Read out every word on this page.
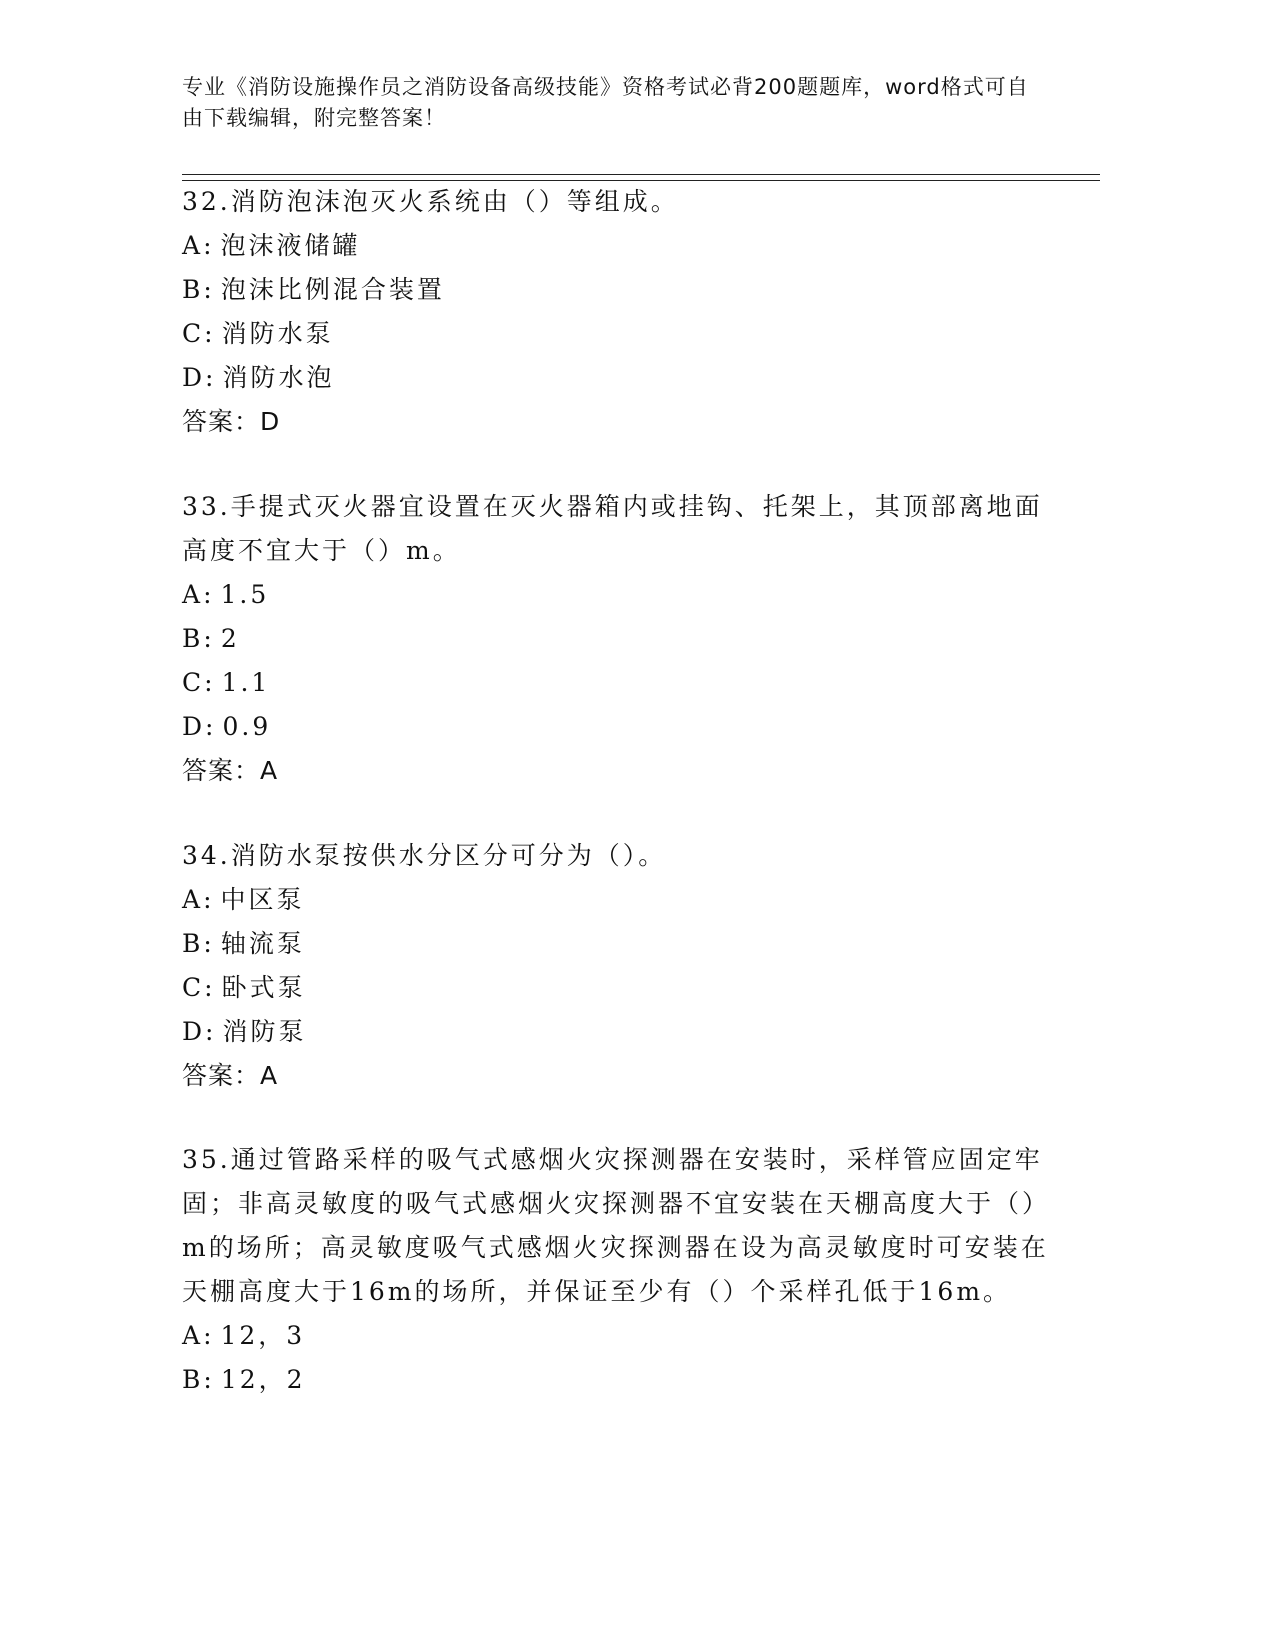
专业《消防设施操作员之消防设备高级技能》资格考试必背200题题库，word格式可自由下载编辑，附完整答案！

32.消防泡沫泡灭火系统由（）等组成。

A: 泡沫液储罐

B: 泡沫比例混合装置

C: 消防水泵

D: 消防水泡

答案：D

33.手提式灭火器宜设置在灭火器箱内或挂钩、托架上，其顶部离地面高度不宜大于（）m。

A: 1.5

B: 2

C: 1.1

D: 0.9

答案：A

34.消防水泵按供水分区分可分为（）。

A: 中区泵

B: 轴流泵

C: 卧式泵

D: 消防泵

答案：A

35.通过管路采样的吸气式感烟火灾探测器在安装时，采样管应固定牢固；非高灵敏度的吸气式感烟火灾探测器不宜安装在天棚高度大于（）m的场所；高灵敏度吸气式感烟火灾探测器在设为高灵敏度时可安装在天棚高度大于16m的场所，并保证至少有（）个采样孔低于16m。

A: 12，3

B: 12，2
